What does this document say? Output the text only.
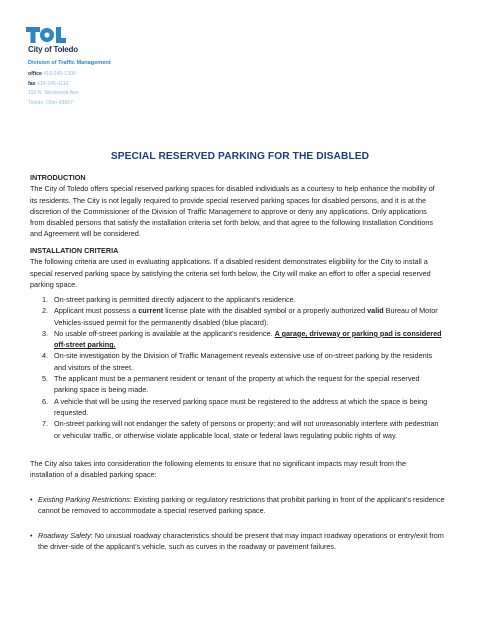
City of Toledo
Division of Traffic Management
office 419-245-1300
fax 419-245-1110
110 N. Westwood Ave.
Toledo, Ohio 43607
SPECIAL RESERVED PARKING FOR THE DISABLED

INTRODUCTION

The City of Toledo offers special reserved parking spaces for disabled individuals as a courtesy to help enhance the mobility of its residents. The City is not legally required to provide special reserved parking spaces for disabled persons, and it is at the discretion of the Commissioner of the Division of Traffic Management to approve or deny any applications. Only applications from disabled persons that satisfy the installation criteria set forth below, and that agree to the following Installation Conditions and Agreement will be considered.

INSTALLATION CRITERIA

The following criteria are used in evaluating applications. If a disabled resident demonstrates eligibility for the City to install a special reserved parking space by satisfying the criteria set forth below, the City will make an effort to offer a special reserved parking space.

1. On-street parking is permitted directly adjacent to the applicant’s residence.
2. Applicant must possess a current license plate with the disabled symbol or a properly authorized valid Bureau of Motor Vehicles-issued permit for the permanently disabled (blue placard).
3. No usable off-street parking is available at the applicant’s residence. A garage, driveway or parking pad is considered off-street parking.
4. On-site investigation by the Division of Traffic Management reveals extensive use of on-street parking by the residents and visitors of the street.
5. The applicant must be a permanent resident or tenant of the property at which the request for the special reserved parking space is being made.
6. A vehicle that will be using the reserved parking space must be registered to the address at which the space is being requested.
7. On-street parking will not endanger the safety of persons or property; and will not unreasonably interfere with pedestrian or vehicular traffic, or otherwise violate applicable local, state or federal laws regulating public rights of way.

The City also takes into consideration the following elements to ensure that no significant impacts may result from the installation of a disabled parking space:

• Existing Parking Restrictions: Existing parking or regulatory restrictions that prohibit parking in front of the applicant’s residence cannot be removed to accommodate a special reserved parking space.
• Roadway Safety: No unusual roadway characteristics should be present that may impact roadway operations or entry/exit from the driver-side of the applicant’s vehicle, such as curves in the roadway or pavement failures.
